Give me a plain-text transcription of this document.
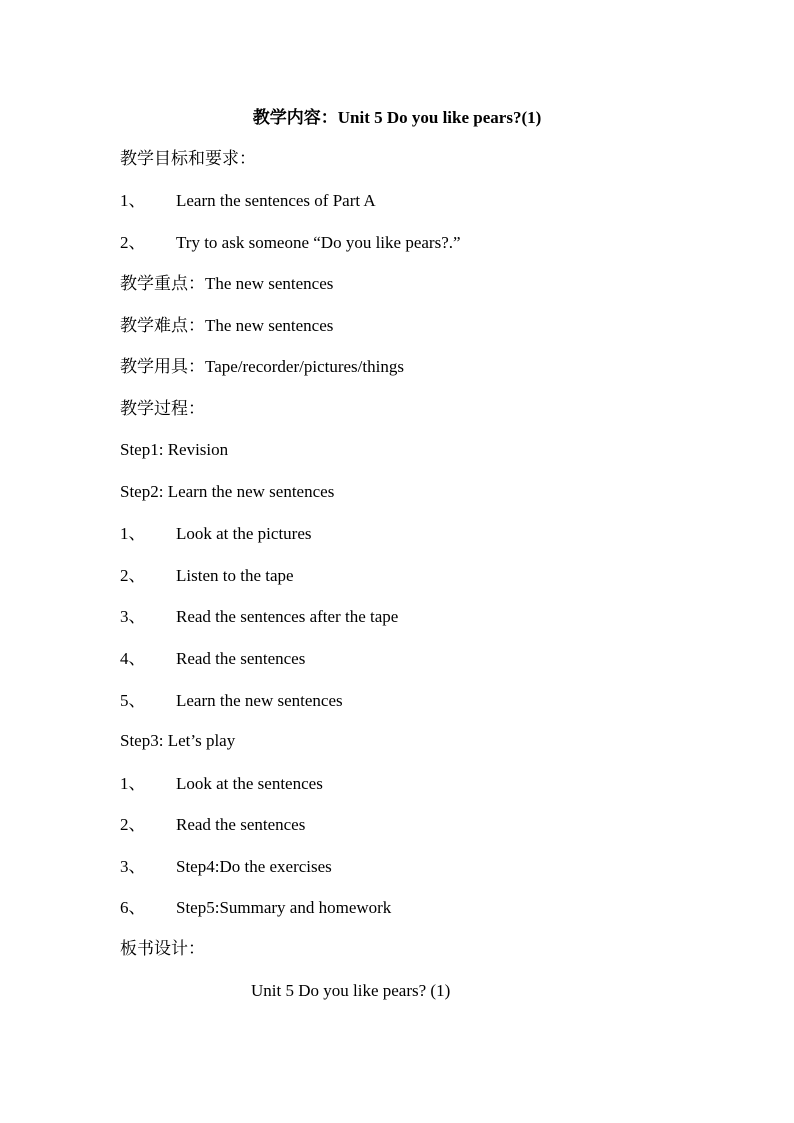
教学内容：Unit 5 Do you like pears?(1)
教学目标和要求：
1、 Learn the sentences of Part A
2、 Try to ask someone “Do you like pears?.”
教学重点：The new sentences
教学难点：The new sentences
教学用具：Tape/recorder/pictures/things
教学过程：
Step1: Revision
Step2: Learn the new sentences
1、 Look at the pictures
2、 Listen to the tape
3、 Read the sentences after the tape
4、 Read the sentences
5、 Learn the new sentences
Step3: Let’s play
1、 Look at the sentences
2、 Read the sentences
3、 Step4:Do the exercises
6、 Step5:Summary and homework
板书设计：
Unit 5 Do you like pears? (1)
